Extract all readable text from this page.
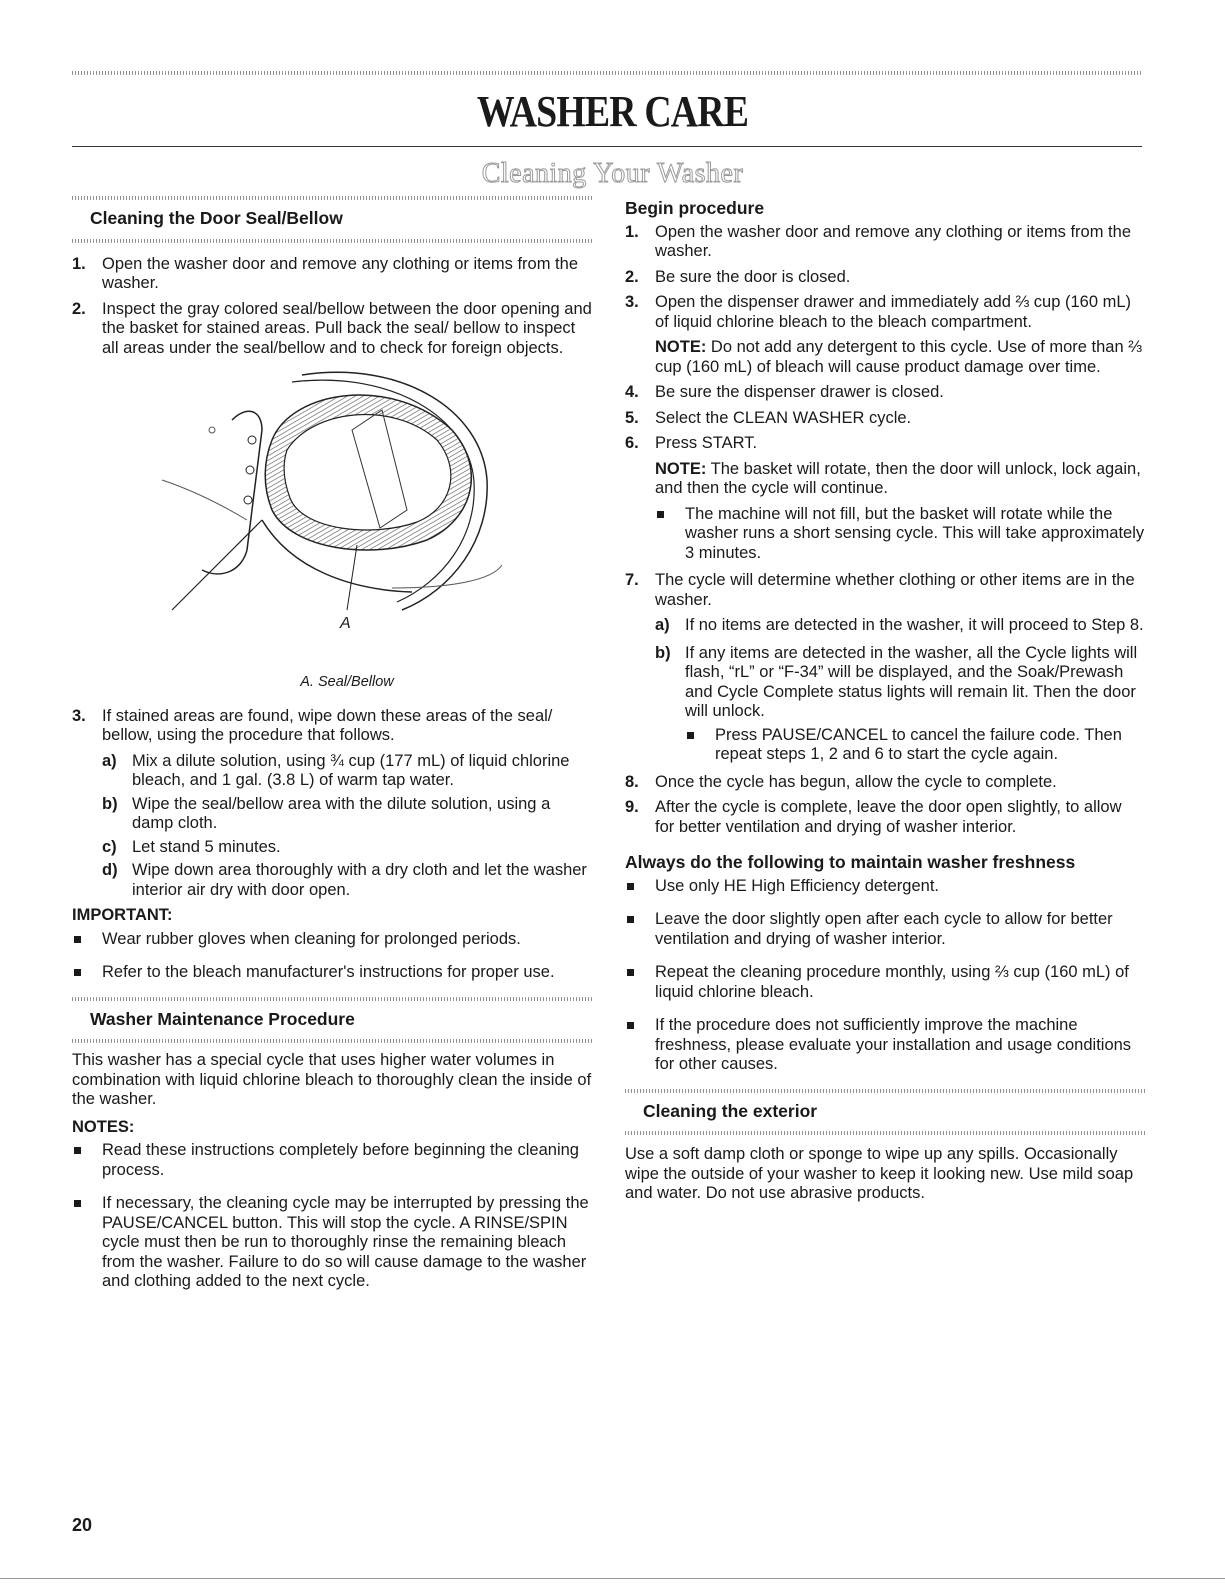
WASHER CARE
Cleaning Your Washer
Cleaning the Door Seal/Bellow
1. Open the washer door and remove any clothing or items from the washer.
2. Inspect the gray colored seal/bellow between the door opening and the basket for stained areas. Pull back the seal/ bellow to inspect all areas under the seal/bellow and to check for foreign objects.
A
A. Seal/Bellow
3. If stained areas are found, wipe down these areas of the seal/ bellow, using the procedure that follows.
a) Mix a dilute solution, using ¾ cup (177 mL) of liquid chlorine bleach, and 1 gal. (3.8 L) of warm tap water.
b) Wipe the seal/bellow area with the dilute solution, using a damp cloth.
c) Let stand 5 minutes.
d) Wipe down area thoroughly with a dry cloth and let the washer interior air dry with door open.
IMPORTANT:
Wear rubber gloves when cleaning for prolonged periods.
Refer to the bleach manufacturer's instructions for proper use.
Washer Maintenance Procedure

This washer has a special cycle that uses higher water volumes in combination with liquid chlorine bleach to thoroughly clean the inside of the washer.

NOTES:
Read these instructions completely before beginning the cleaning process.
If necessary, the cleaning cycle may be interrupted by pressing the PAUSE/CANCEL button. This will stop the cycle. A RINSE/SPIN cycle must then be run to thoroughly rinse the remaining bleach from the washer. Failure to do so will cause damage to the washer and clothing added to the next cycle.
Begin procedure
1. Open the washer door and remove any clothing or items from the washer.
2. Be sure the door is closed.
3. Open the dispenser drawer and immediately add ⅔ cup (160 mL) of liquid chlorine bleach to the bleach compartment.

NOTE: Do not add any detergent to this cycle. Use of more than ⅔ cup (160 mL) of bleach will cause product damage over time.

4. Be sure the dispenser drawer is closed.
5. Select the CLEAN WASHER cycle.
6. Press START.

NOTE: The basket will rotate, then the door will unlock, lock again, and then the cycle will continue.

The machine will not fill, but the basket will rotate while the washer runs a short sensing cycle. This will take approximately 3 minutes.
7. The cycle will determine whether clothing or other items are in the washer.
a) If no items are detected in the washer, it will proceed to Step 8.
b) If any items are detected in the washer, all the Cycle lights will flash, “rL” or “F-34” will be displayed, and the Soak/Prewash and Cycle Complete status lights will remain lit. Then the door will unlock.
Press PAUSE/CANCEL to cancel the failure code. Then repeat steps 1, 2 and 6 to start the cycle again.
8. Once the cycle has begun, allow the cycle to complete.
9. After the cycle is complete, leave the door open slightly, to allow for better ventilation and drying of washer interior.
Always do the following to maintain washer freshness
Use only HE High Efficiency detergent.
Leave the door slightly open after each cycle to allow for better ventilation and drying of washer interior.
Repeat the cleaning procedure monthly, using ⅔ cup (160 mL) of liquid chlorine bleach.
If the procedure does not sufficiently improve the machine freshness, please evaluate your installation and usage conditions for other causes.
Cleaning the exterior

Use a soft damp cloth or sponge to wipe up any spills. Occasionally wipe the outside of your washer to keep it looking new. Use mild soap and water. Do not use abrasive products.

20
